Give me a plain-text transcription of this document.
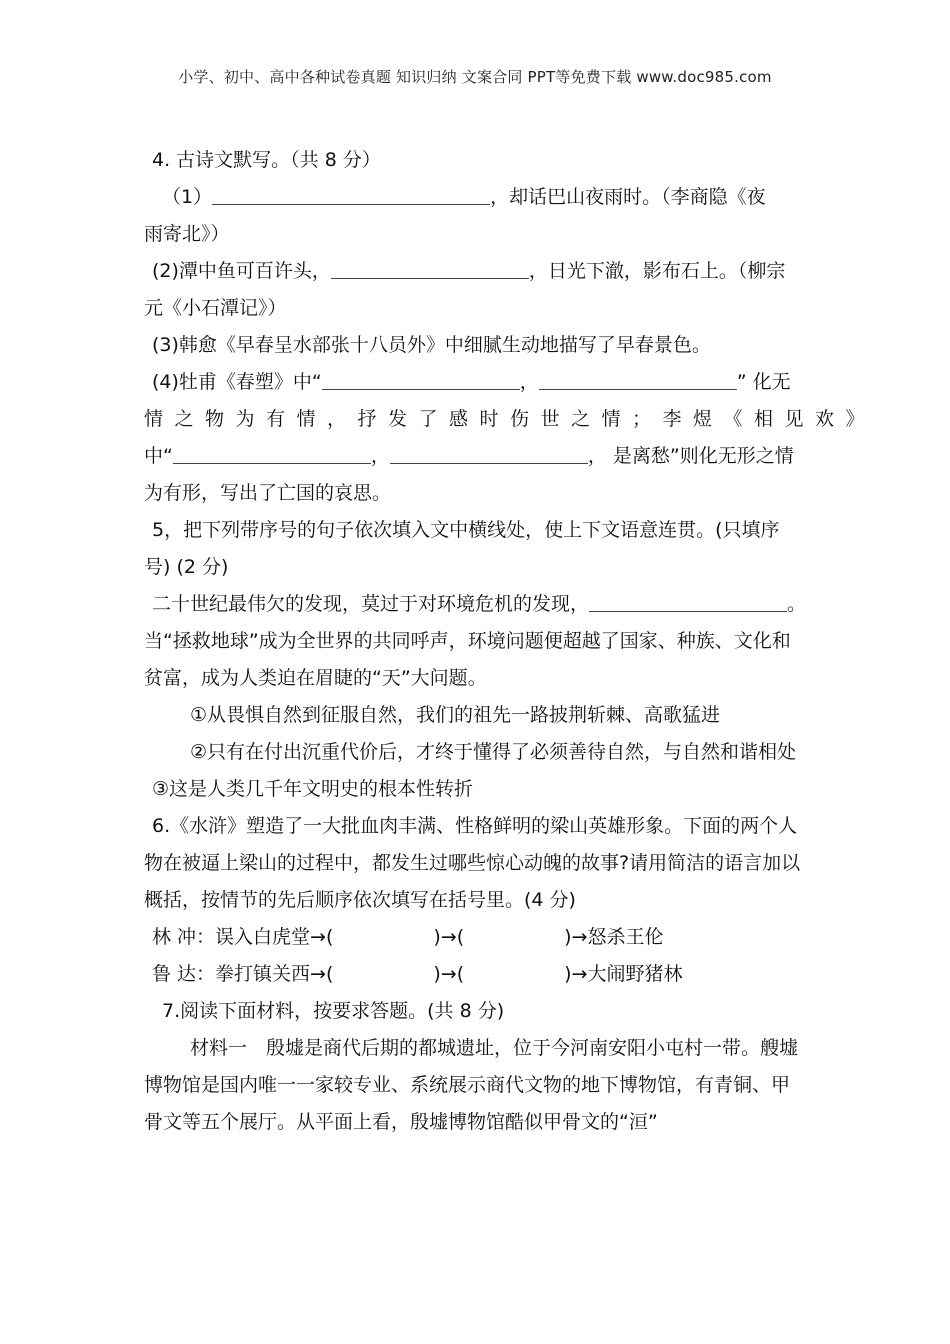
小学、初中、高中各种试卷真题 知识归纳 文案合同 PPT等免费下载 www.doc985.com
4. 古诗文默写。（共 8 分）
（1）	，却话巴山夜雨时。（李商隐《夜
雨寄北》）
(2)潭中鱼可百许头，	，日光下澈，影布石上。（柳宗
元《小石潭记》）
(3)韩愈《早春呈水部张十八员外》中细腻生动地描写了早春景色。
(4)牡甫《春塑》中“	，	” 化无
情之物为有情，抒发了感时伤世之情；李煜《相见欢》
中“	，	， 是离愁”则化无形之情
为有形，写出了亡国的哀思。
5，把下列带序号的句子依次填入文中横线处，使上下文语意连贯。(只填序
号) (2 分)
二十世纪最伟欠的发现，莫过于对环境危机的发现，	。
当“拯救地球”成为全世界的共同呼声，环境问题便超越了国家、种族、文化和
贫富，成为人类迫在眉睫的“天”大问题。
①从畏惧自然到征服自然，我们的祖先一路披荆斩棘、高歌猛进
②只有在付出沉重代价后，才终于懂得了必须善待自然，与自然和谐相处
③这是人类几千年文明史的根本性转折
6.《水浒》塑造了一大批血肉丰满、性格鲜明的梁山英雄形象。下面的两个人
物在被逼上梁山的过程中，都发生过哪些惊心动魄的故事?请用简洁的语言加以
概括，按情节的先后顺序依次填写在括号里。(4 分)
林 冲：误入白虎堂→(	)→(	)→怒杀王伦
鲁 达：拳打镇关西→(	)→(	)→大闹野猪林
7.阅读下面材料，按要求答题。(共 8 分)
材料一　殷墟是商代后期的都城遗址，位于今河南安阳小屯村一带。艘墟
博物馆是国内唯一一家较专业、系统展示商代文物的地下博物馆，有青铜、甲
骨文等五个展厅。从平面上看，殷墟博物馆酷似甲骨文的“洹”
